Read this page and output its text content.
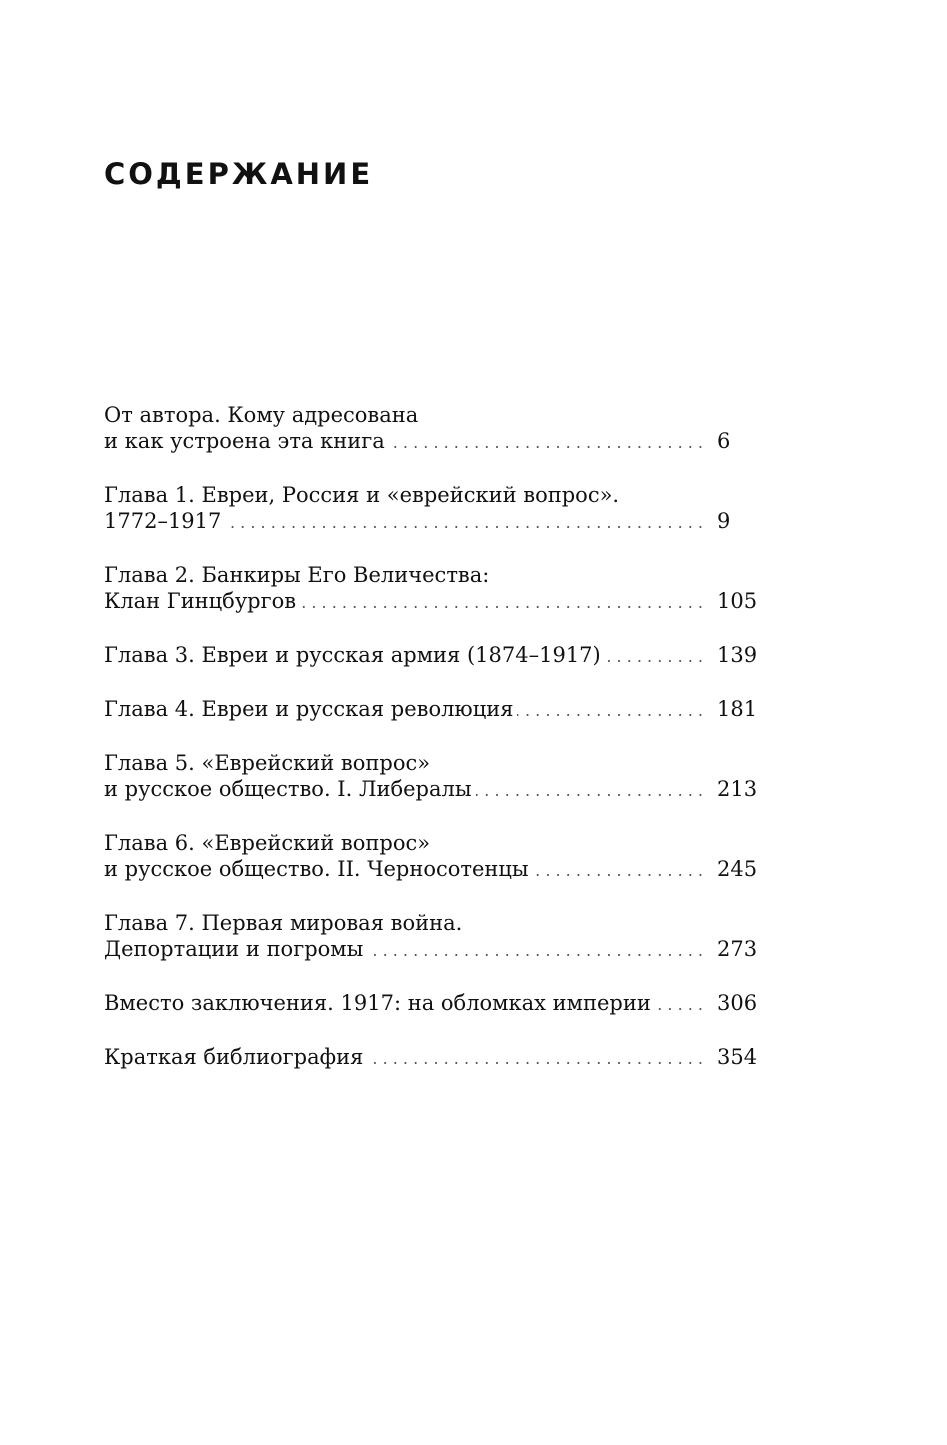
СОДЕРЖАНИЕ
От автора. Кому адресована
и как устроена эта книга . . .	6
Глава 1. Евреи, Россия и «еврейский вопрос».
1772–1917 . . .	9
Глава 2. Банкиры Его Величества:
Клан Гинцбургов . . .	105
Глава 3. Евреи и русская армия (1874–1917) . . .	139
Глава 4. Евреи и русская революция . . .	181
Глава 5. «Еврейский вопрос»
и русское общество. I. Либералы . . .	213
Глава 6. «Еврейский вопрос»
и русское общество. II. Черносотенцы . . .	245
Глава 7. Первая мировая война.
Депортации и погромы . . .	273
Вместо заключения. 1917: на обломках империи . . .	306
Краткая библиография . . .	354
